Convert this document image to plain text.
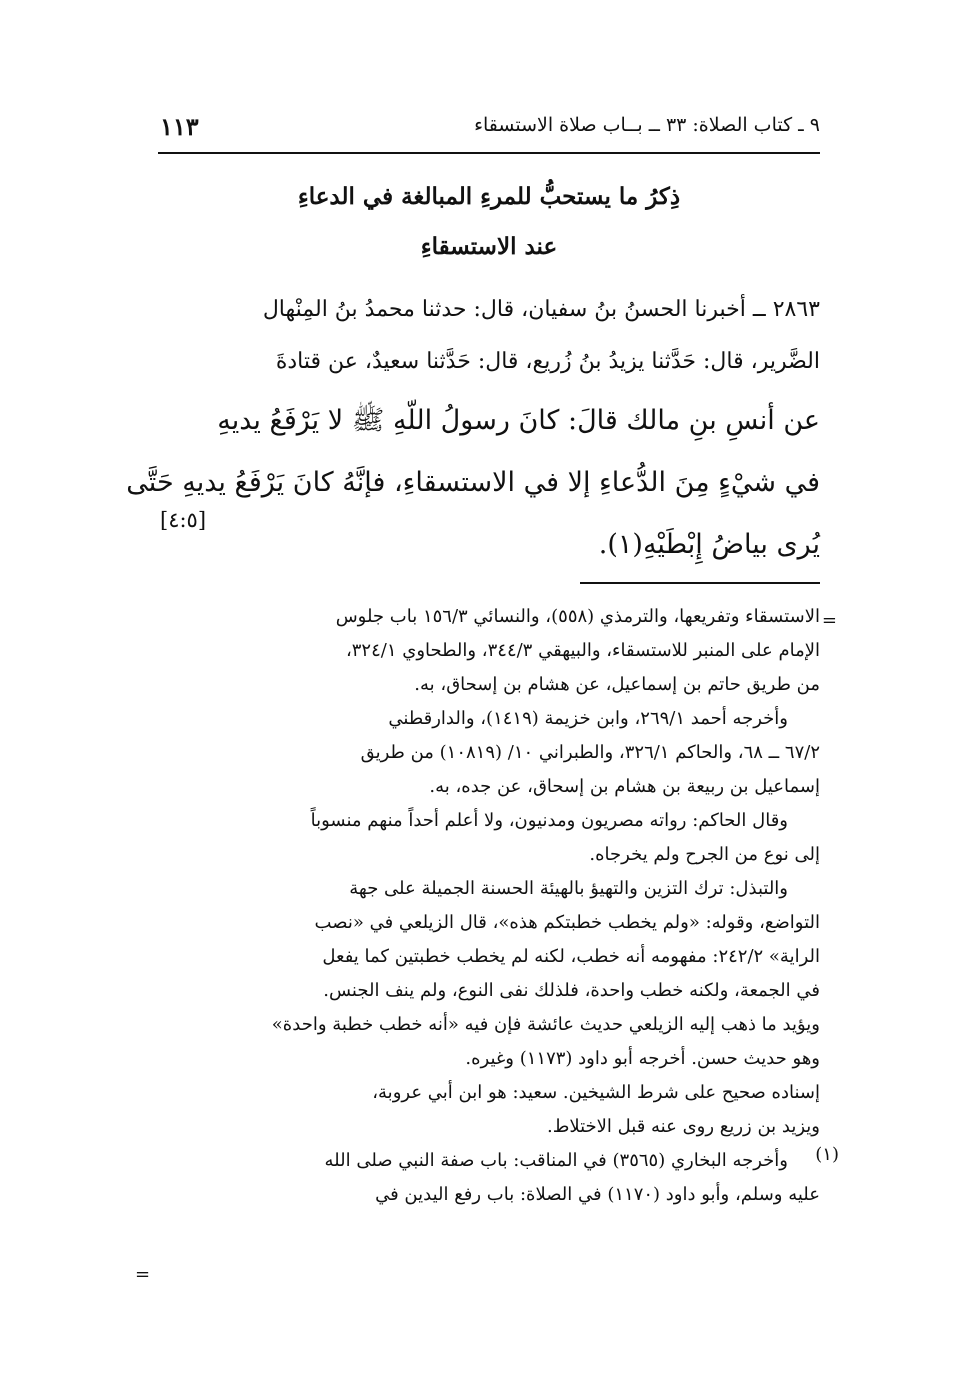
٩ ـ كتاب الصلاة: ٣٣ ــ بــاب صلاة الاستسقاء
١١٣
ذِكرُ ما يستحبُّ للمرءِ المبالغة في الدعاءِ
عند الاستسقاءِ
٢٨٦٣ ــ أخبرنا الحسنُ بنُ سفيان، قال: حدثنا محمدُ بنُ المِنْهال
الضَّرير، قال: حَدَّثنا يزيدُ بنُ زُريع، قال: حَدَّثنا سعيدٌ، عن قتادةَ
عن أنسِ بنِ مالك قالَ: كانَ رسولُ اللّهِ ﷺ لا يَرْفَعُ يديهِ
في شيْءٍ مِنَ الدُّعاءِ إلا في الاستسقاءِ، فإنَّهُ كانَ يَرْفَعُ يديهِ حَتَّى
يُرى بياضُ إِبْطَيْهِ(١).
[٤:٥]
=
(١)
=
الاستسقاء وتفريعها، والترمذي (٥٥٨)، والنسائي ١٥٦/٣ باب جلوس
الإمام على المنبر للاستسقاء، والبيهقي ٣٤٤/٣، والطحاوي ٣٢٤/١،
من طريق حاتم بن إسماعيل، عن هشام بن إسحاق، به.
وأخرجه أحمد ٢٦٩/١، وابن خزيمة (١٤١٩)، والدارقطني
٦٧/٢ ــ ٦٨، والحاكم ٣٢٦/١، والطبراني ١٠/ (١٠٨١٩) من طريق
إسماعيل بن ربيعة بن هشام بن إسحاق، عن جده، به.
وقال الحاكم: رواته مصريون ومدنيون، ولا أعلم أحداً منهم منسوباً
إلى نوع من الجرح ولم يخرجاه.
والتبذل: ترك التزين والتهيؤ بالهيئة الحسنة الجميلة على جهة
التواضع، وقوله: «ولم يخطب خطبتكم هذه»، قال الزيلعي في «نصب
الراية» ٢٤٢/٢: مفهومه أنه خطب، لكنه لم يخطب خطبتين كما يفعل
في الجمعة، ولكنه خطب واحدة، فلذلك نفى النوع، ولم ينف الجنس.
ويؤيد ما ذهب إليه الزيلعي حديث عائشة فإن فيه «أنه خطب خطبة واحدة»
وهو حديث حسن. أخرجه أبو داود (١١٧٣) وغيره.
إسناده صحيح على شرط الشيخين. سعيد: هو ابن أبي عروبة،
ويزيد بن زريع روى عنه قبل الاختلاط.
وأخرجه البخاري (٣٥٦٥) في المناقب: باب صفة النبي صلى الله
عليه وسلم، وأبو داود (١١٧٠) في الصلاة: باب رفع اليدين في
